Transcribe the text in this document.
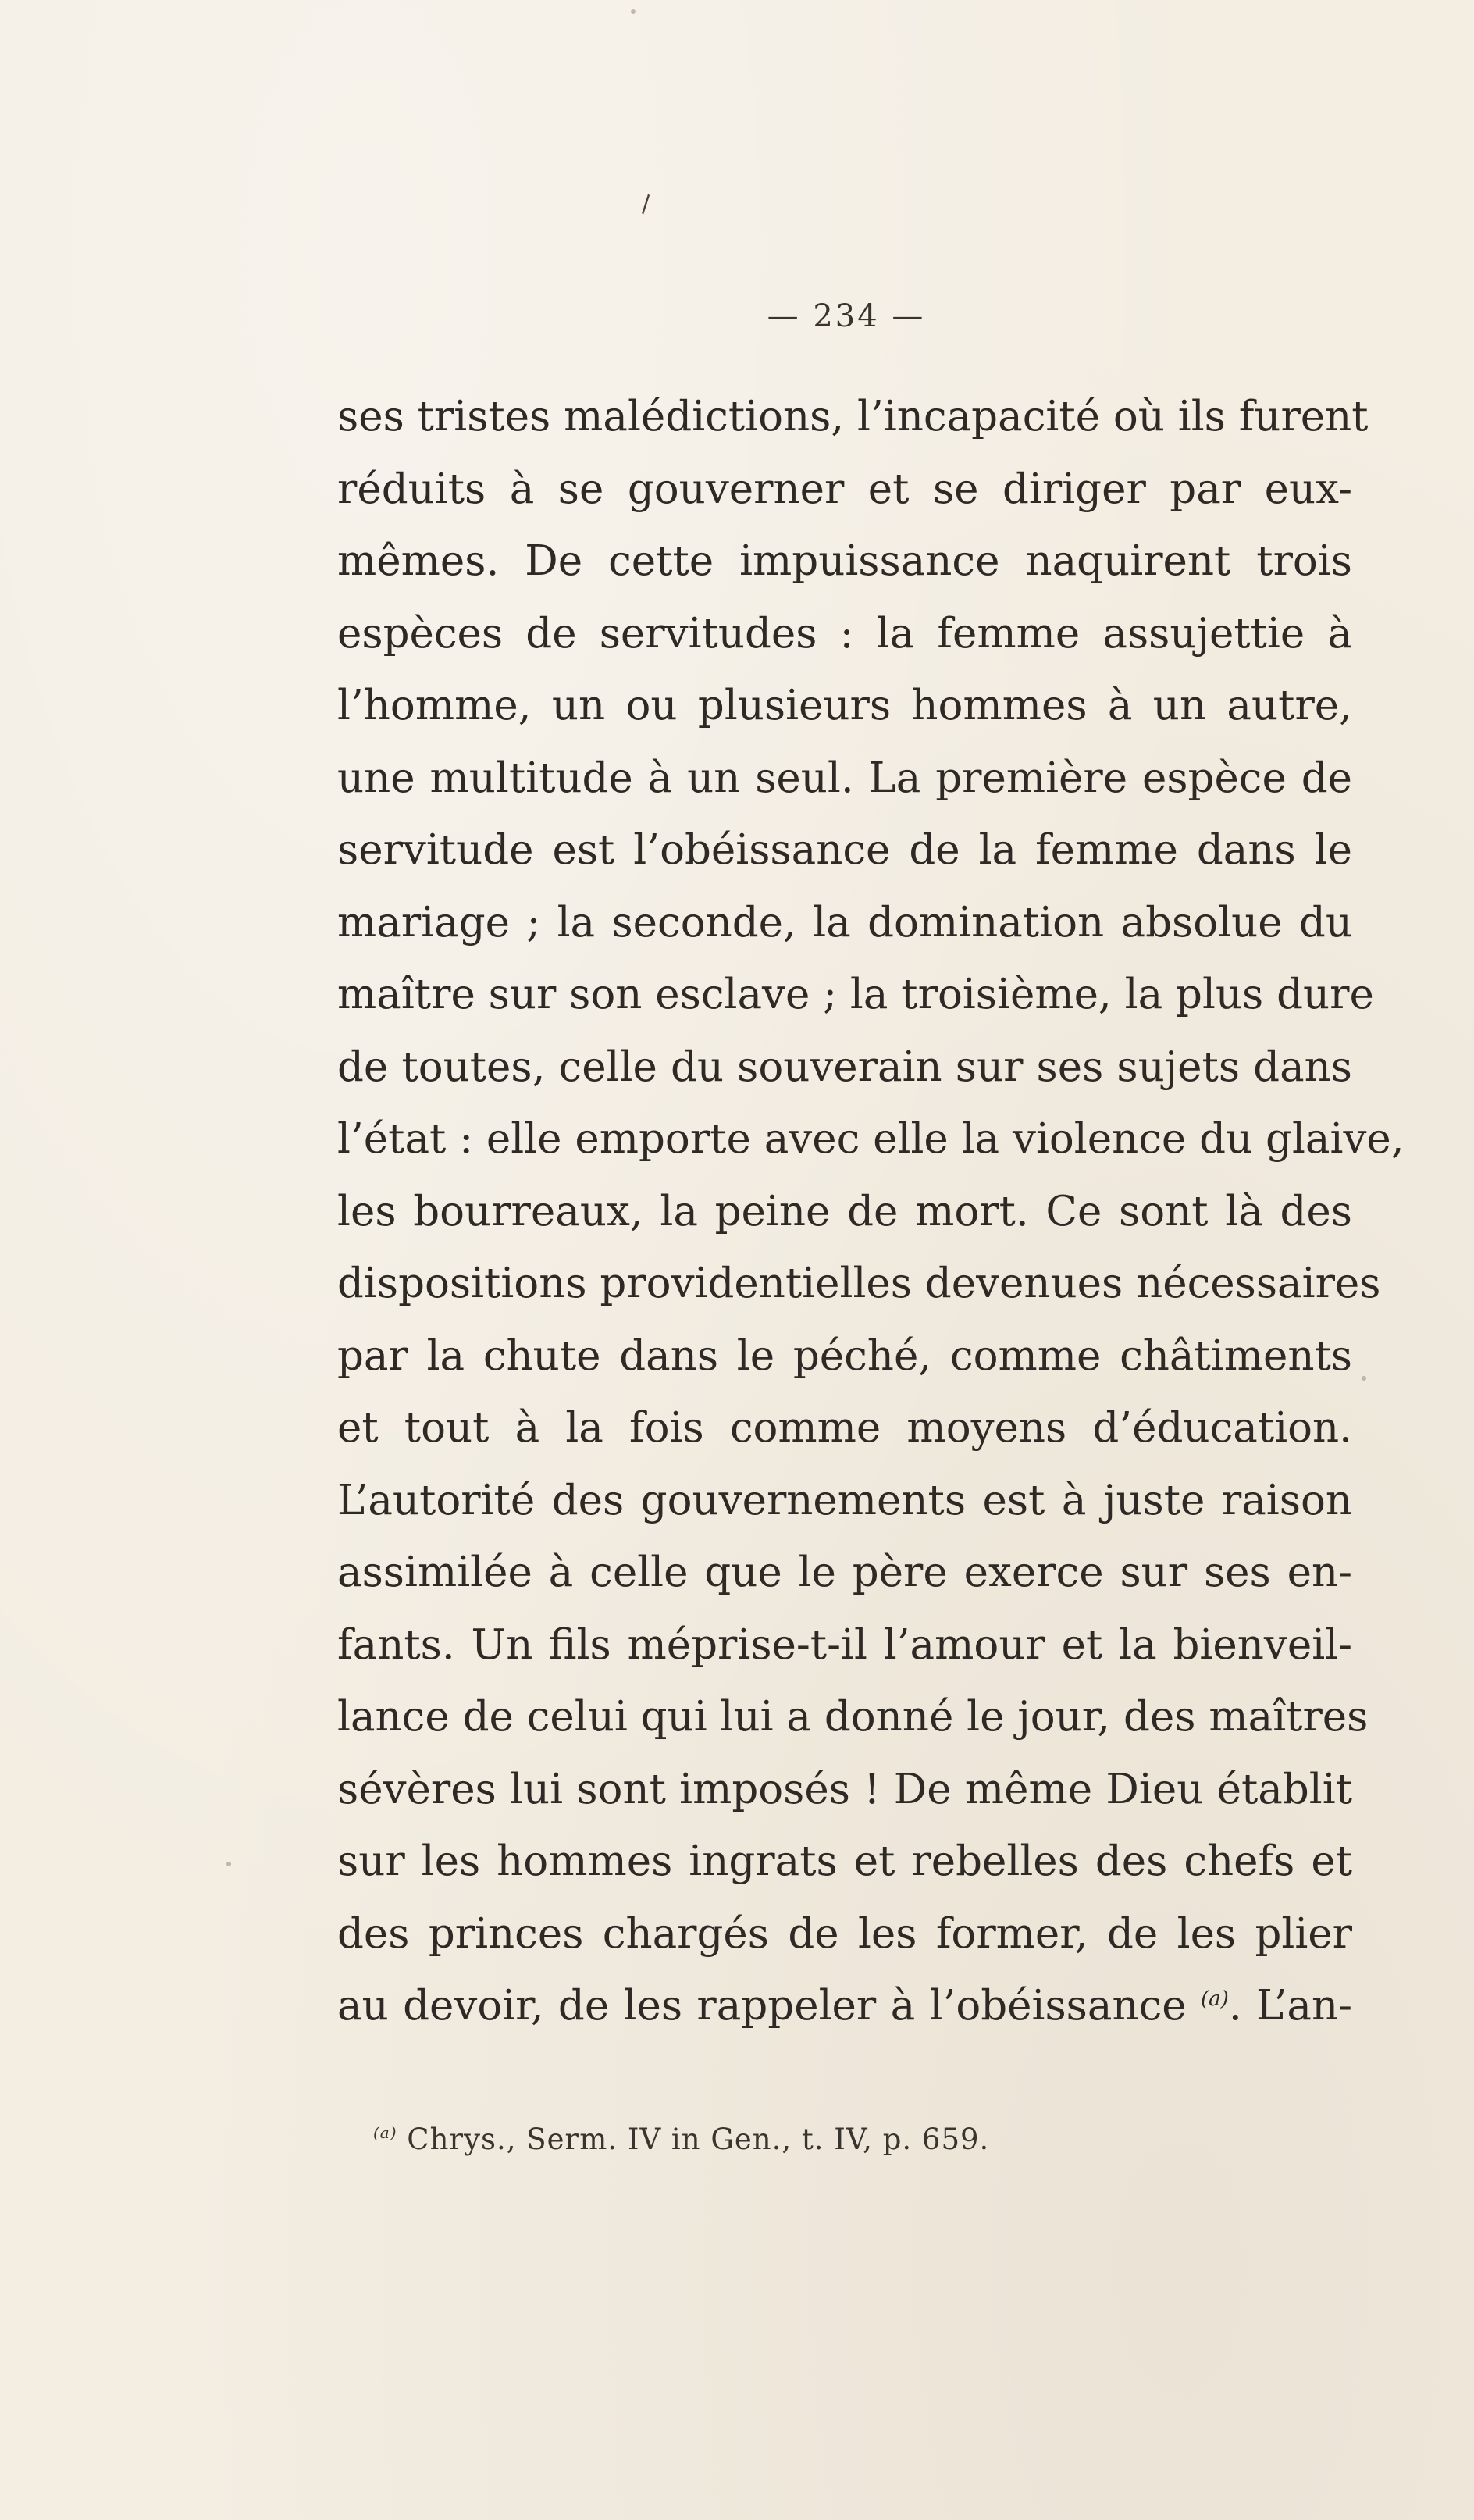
\
— 234 —
ses tristes malédictions, l’incapacité où ils furent
réduits à se gouverner et se diriger par eux-
mêmes. De cette impuissance naquirent trois
espèces de servitudes : la femme assujettie à
l’homme, un ou plusieurs hommes à un autre,
une multitude à un seul. La première espèce de
servitude est l’obéissance de la femme dans le
mariage ; la seconde, la domination absolue du
maître sur son esclave ; la troisième, la plus dure
de toutes, celle du souverain sur ses sujets dans
l’état : elle emporte avec elle la violence du glaive,
les bourreaux, la peine de mort. Ce sont là des
dispositions providentielles devenues nécessaires
par la chute dans le péché, comme châtiments
et tout à la fois comme moyens d’éducation.
L’autorité des gouvernements est à juste raison
assimilée à celle que le père exerce sur ses en-
fants. Un fils méprise-t-il l’amour et la bienveil-
lance de celui qui lui a donné le jour, des maîtres
sévères lui sont imposés ! De même Dieu établit
sur les hommes ingrats et rebelles des chefs et
des princes chargés de les former, de les plier
au devoir, de les rappeler à l’obéissance $^{(a)}$. L’an-
$^{(a)}$ Chrys., Serm. IV in Gen., t. IV, p. 659.
